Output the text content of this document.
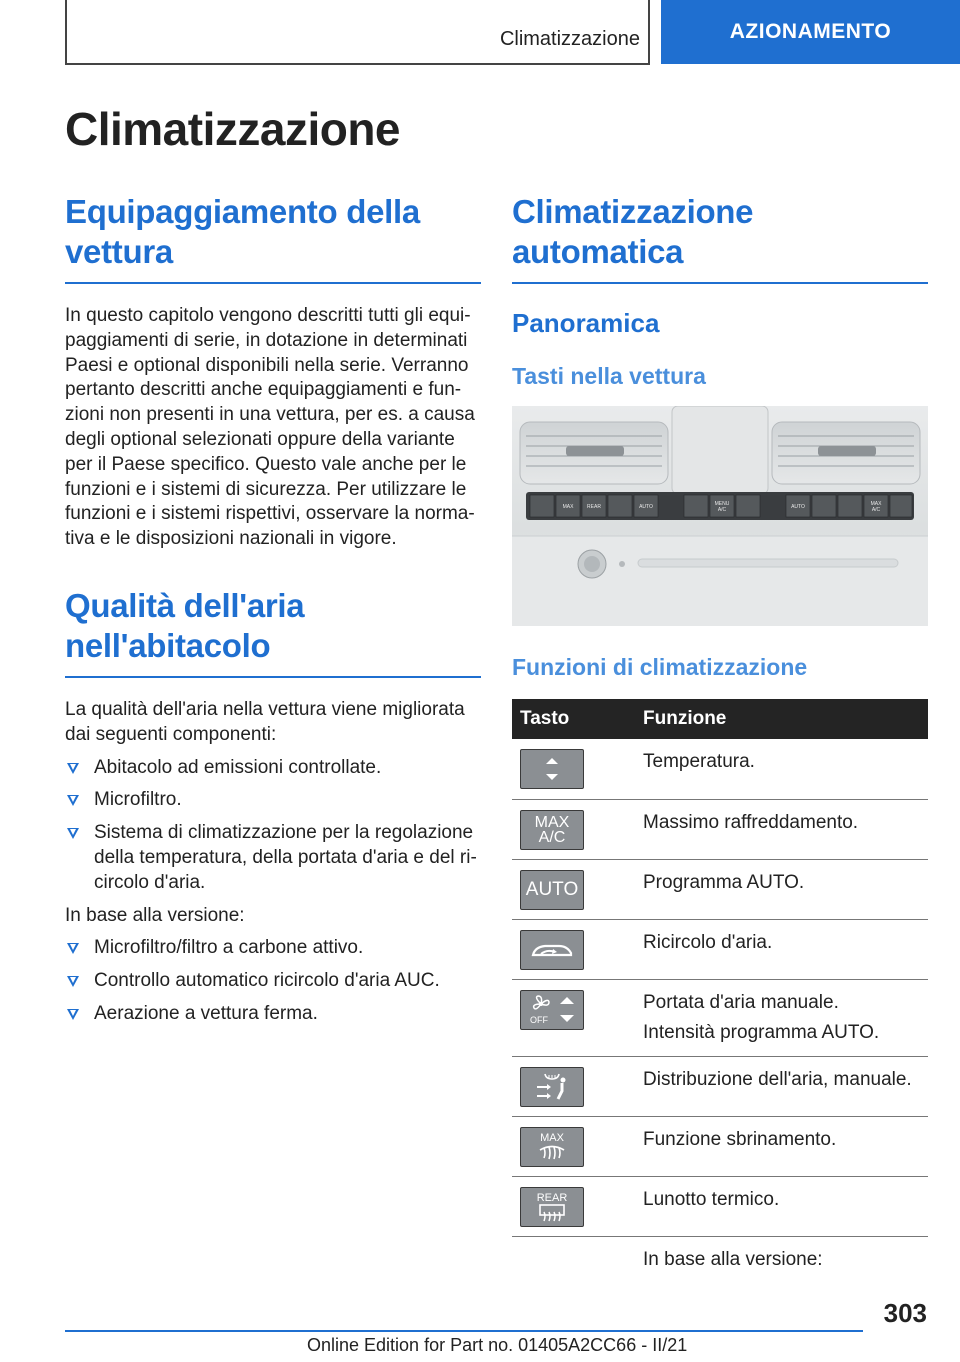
Climatizzazione	AZIONAMENTO
Climatizzazione
Equipaggiamento della vettura

In questo capitolo vengono descritti tutti gli equipaggiamenti di serie, in dotazione in determinati Paesi e optional disponibili nella serie. Verranno pertanto descritti anche equipaggiamenti e funzioni non presenti in una vettura, per es. a causa degli optional selezionati oppure della variante per il Paese specifico. Questo vale anche per le funzioni e i sistemi di sicurezza. Per utilizzare le funzioni e i sistemi rispettivi, osservare la normativa e le disposizioni nazionali in vigore.

Qualità dell'aria nell'abitacolo

La qualità dell'aria nella vettura viene migliorata dai seguenti componenti:

Abitacolo ad emissioni controllate.
Microfiltro.
Sistema di climatizzazione per la regolazione della temperatura, della portata d'aria e del ricircolo d'aria.

In base alla versione:

Microfiltro/filtro a carbone attivo.
Controllo automatico ricircolo d'aria AUC.
Aerazione a vettura ferma.
Climatizzazione automatica
Panoramica
Tasti nella vettura
MAX	REAR	AUTO	MENU
A/C	AUTO	MAX
A/C
Funzioni di climatizzazione
Tasto	Funzione

	Temperatura.

MAX
A/C	Massimo raffreddamento.

AUTO	Programma AUTO.

	Ricircolo d'aria.

OFF	Portata d'aria manuale.
Intensità programma AUTO.

	Distribuzione dell'aria, manuale.

MAX	Funzione sbrinamento.

REAR	Lunotto termico.
	In base alla versione:
303
Online Edition for Part no. 01405A2CC66 - II/21
